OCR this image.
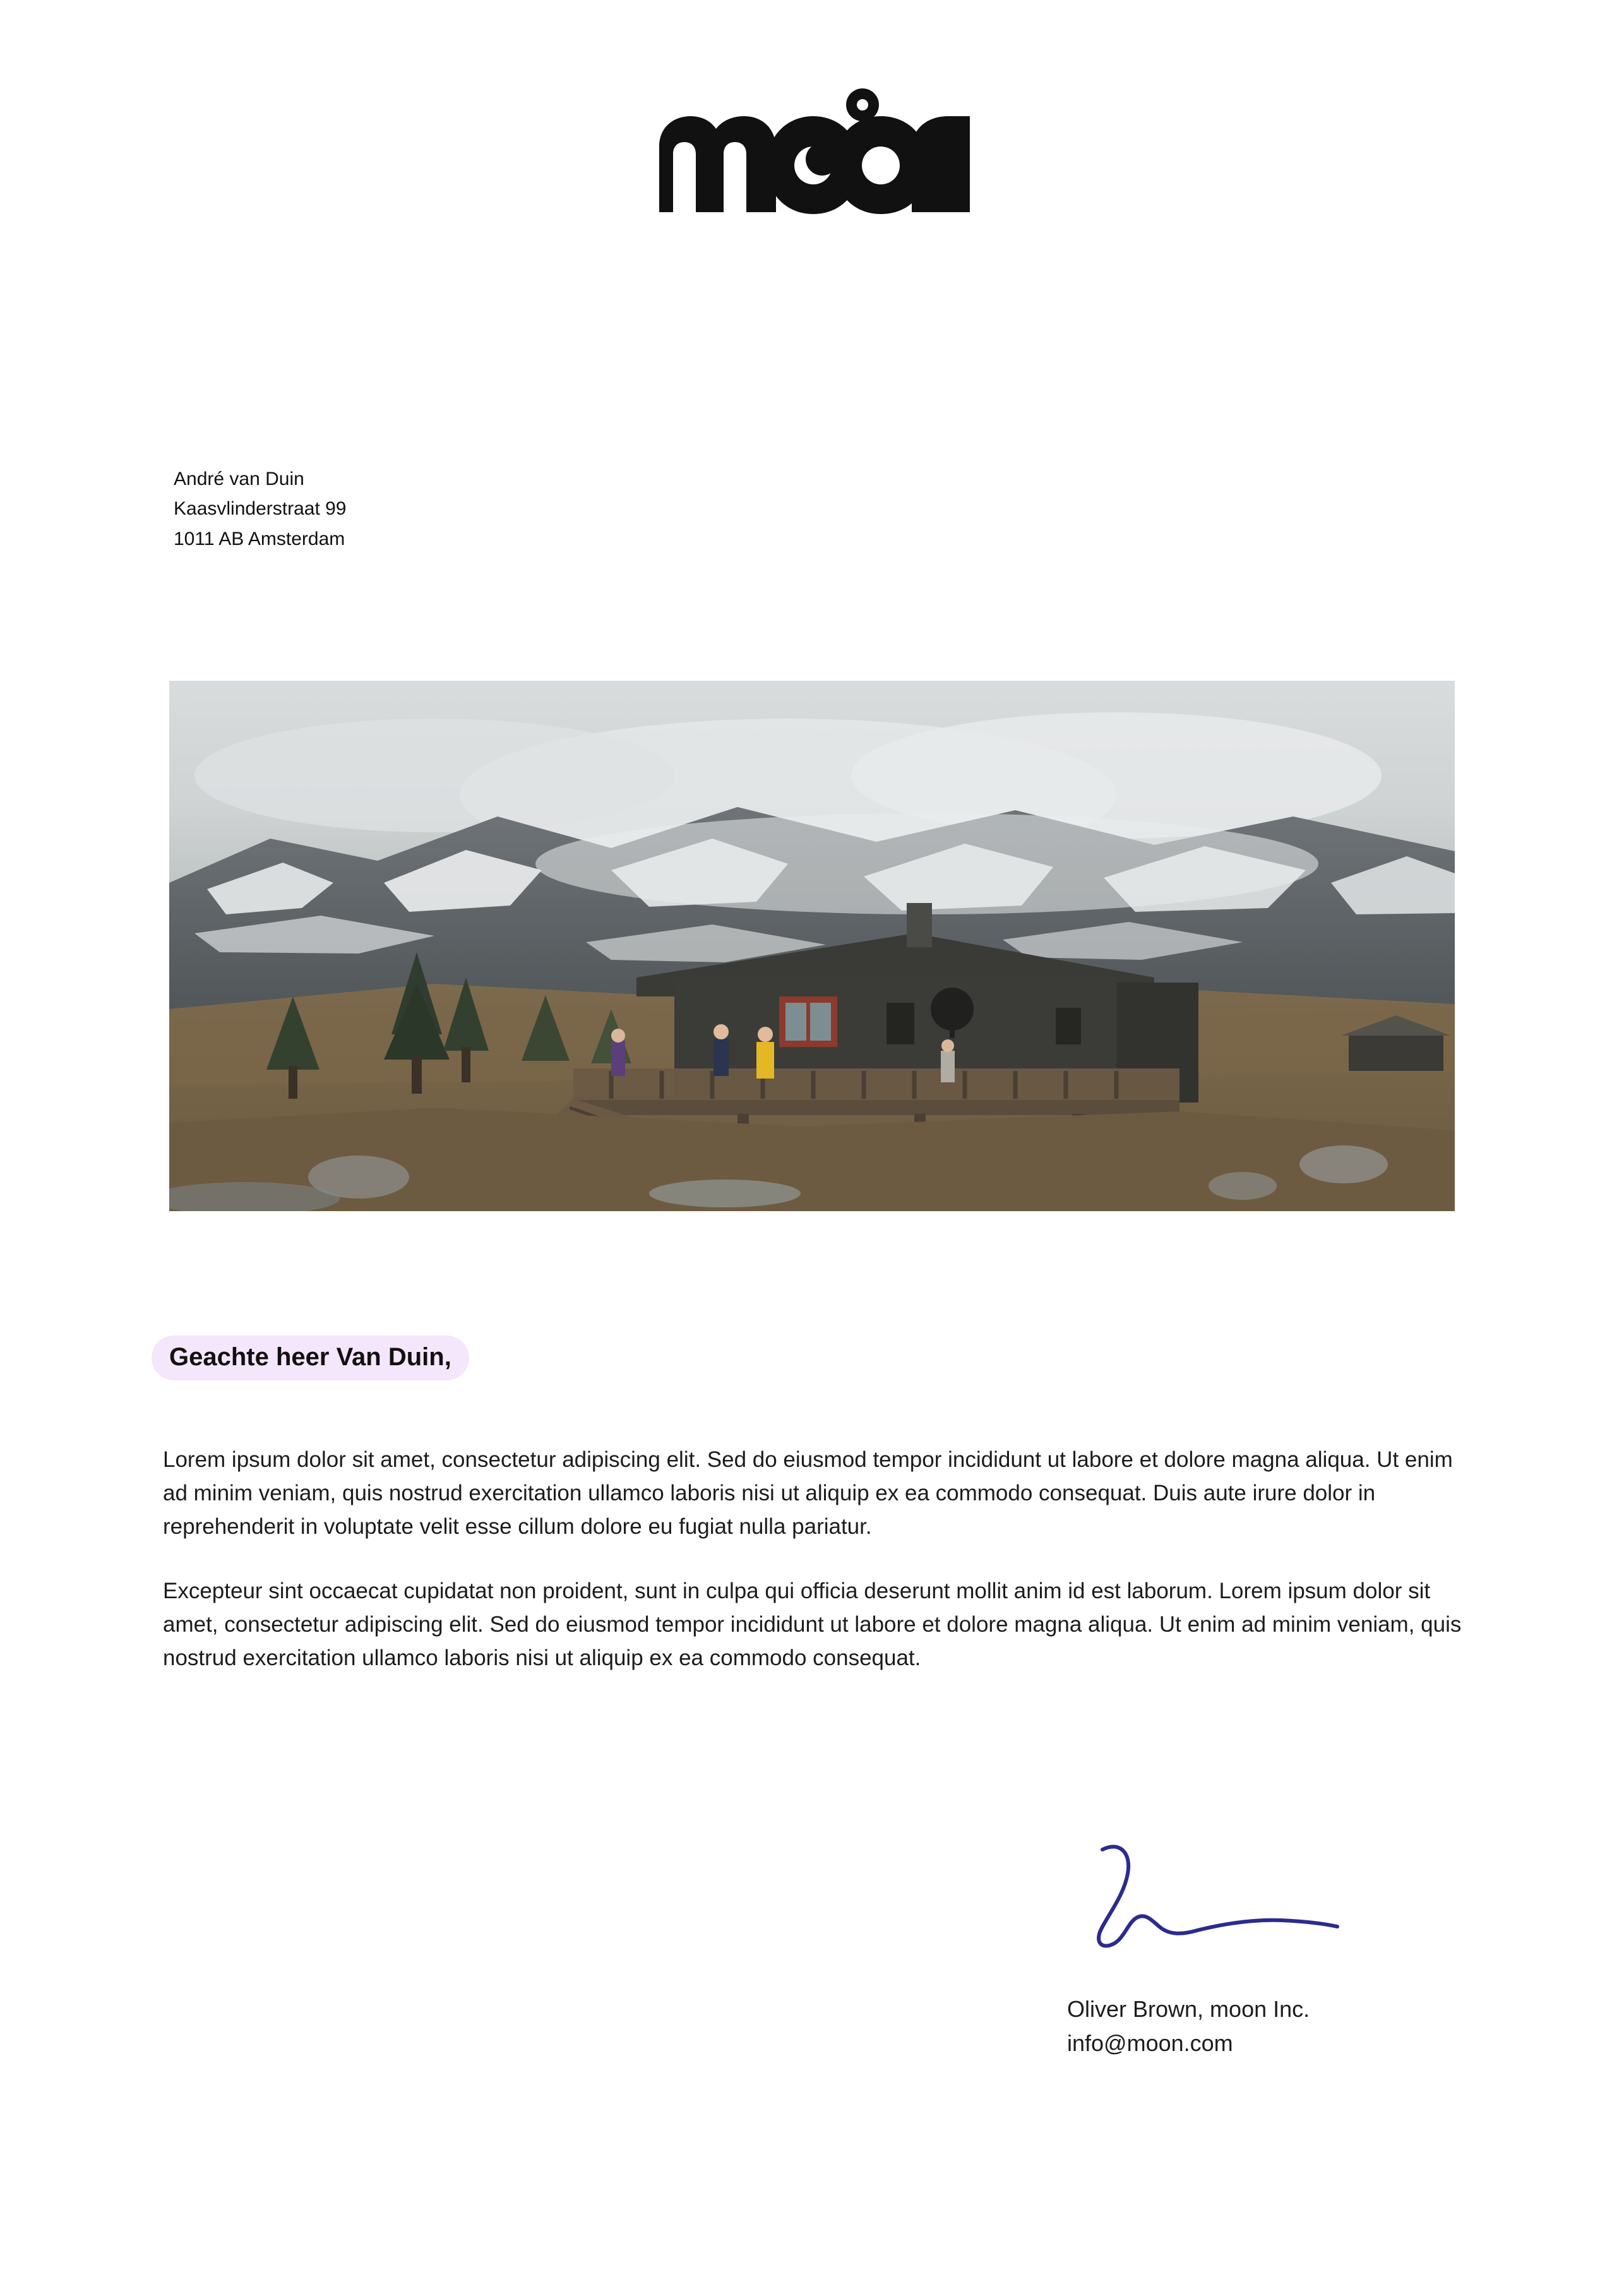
André van Duin
Kaasvlinderstraat 99
1011 AB Amsterdam
Geachte heer Van Duin,

Lorem ipsum dolor sit amet, consectetur adipiscing elit. Sed do eiusmod tempor incididunt ut labore et dolore magna aliqua. Ut enim ad minim veniam, quis nostrud exercitation ullamco laboris nisi ut aliquip ex ea commodo consequat. Duis aute irure dolor in reprehenderit in voluptate velit esse cillum dolore eu fugiat nulla pariatur.

Excepteur sint occaecat cupidatat non proident, sunt in culpa qui officia deserunt mollit anim id est laborum. Lorem ipsum dolor sit amet, consectetur adipiscing elit. Sed do eiusmod tempor incididunt ut labore et dolore magna aliqua. Ut enim ad minim veniam, quis nostrud exercitation ullamco laboris nisi ut aliquip ex ea commodo consequat.

Oliver Brown, moon Inc.
info@moon.com
